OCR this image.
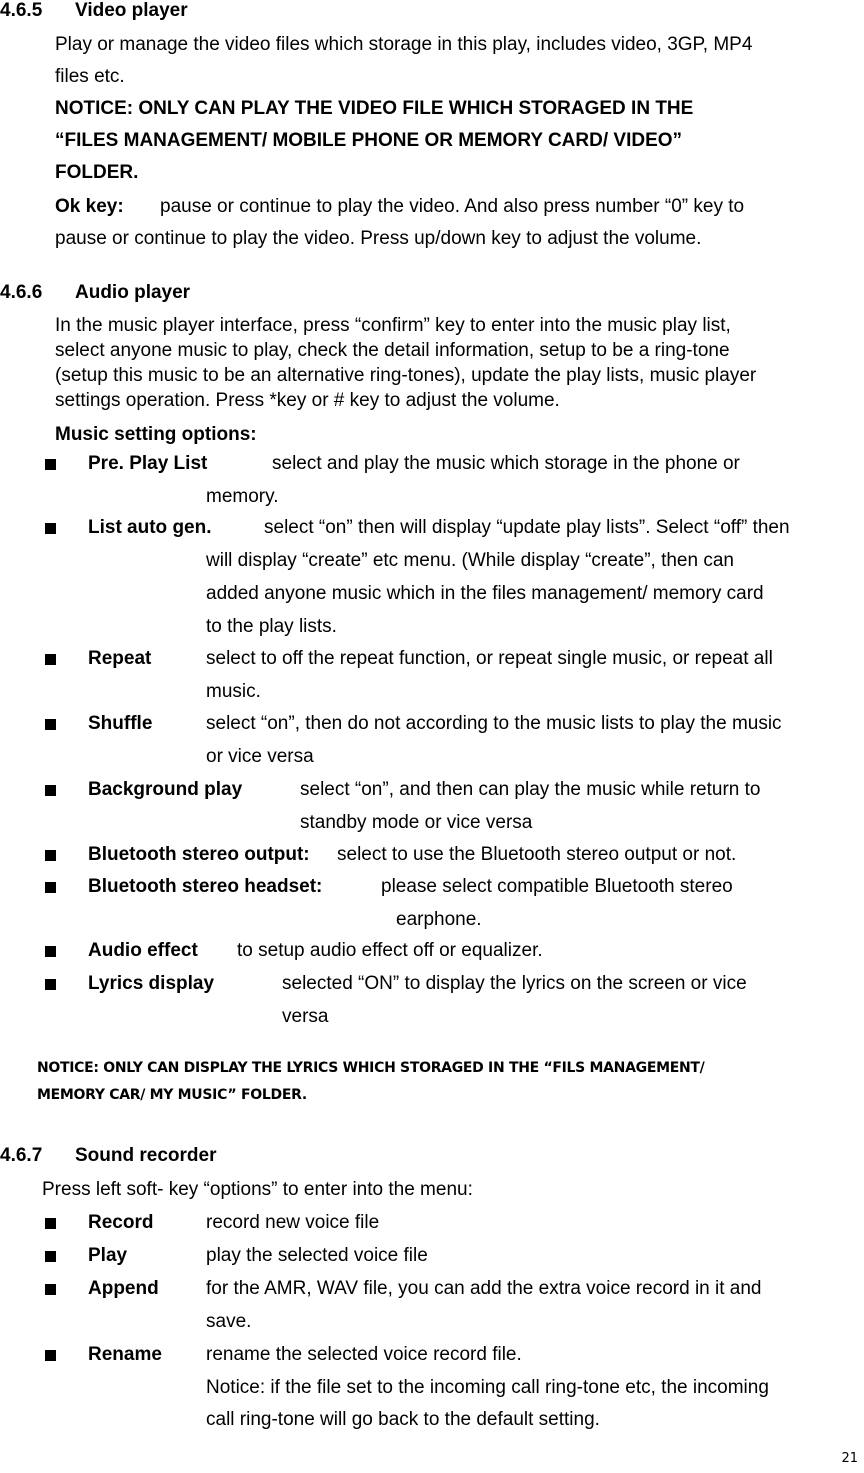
4.6.5 Video player
Play or manage the video files which storage in this play, includes video, 3GP, MP4
files etc.
NOTICE: ONLY CAN PLAY THE VIDEO FILE WHICH STORAGED IN THE
“FILES MANAGEMENT/ MOBILE PHONE OR MEMORY CARD/ VIDEO”
FOLDER.
Ok key: pause or continue to play the video. And also press number “0” key to
pause or continue to play the video. Press up/down key to adjust the volume.
4.6.6 Audio player
In the music player interface, press “confirm” key to enter into the music play list,
select anyone music to play, check the detail information, setup to be a ring-tone
(setup this music to be an alternative ring-tones), update the play lists, music player
settings operation. Press *key or # key to adjust the volume.
Music setting options:
Pre. Play List	select and play the music which storage in the phone or
memory.
List auto gen.	select “on” then will display “update play lists”. Select “off” then
will display “create” etc menu. (While display “create”, then can
added anyone music which in the files management/ memory card
to the play lists.
Repeat	select to off the repeat function, or repeat single music, or repeat all
music.
Shuffle	select “on”, then do not according to the music lists to play the music
or vice versa
Background play	select “on”, and then can play the music while return to
standby mode or vice versa
Bluetooth stereo output: select to use the Bluetooth stereo output or not.
Bluetooth stereo headset:	please select compatible Bluetooth stereo
earphone.
Audio effect to setup audio effect off or equalizer.
Lyrics display	selected “ON” to display the lyrics on the screen or vice
versa
NOTICE: ONLY CAN DISPLAY THE LYRICS WHICH STORAGED IN THE “FILS MANAGEMENT/
MEMORY CAR/ MY MUSIC” FOLDER.
4.6.7 Sound recorder
Press left soft- key “options” to enter into the menu:
Record	record new voice file
Play	play the selected voice file
Append for the AMR, WAV file, you can add the extra voice record in it and
save.
Rename rename the selected voice record file.
Notice: if the file set to the incoming call ring-tone etc, the incoming
call ring-tone will go back to the default setting.
21
